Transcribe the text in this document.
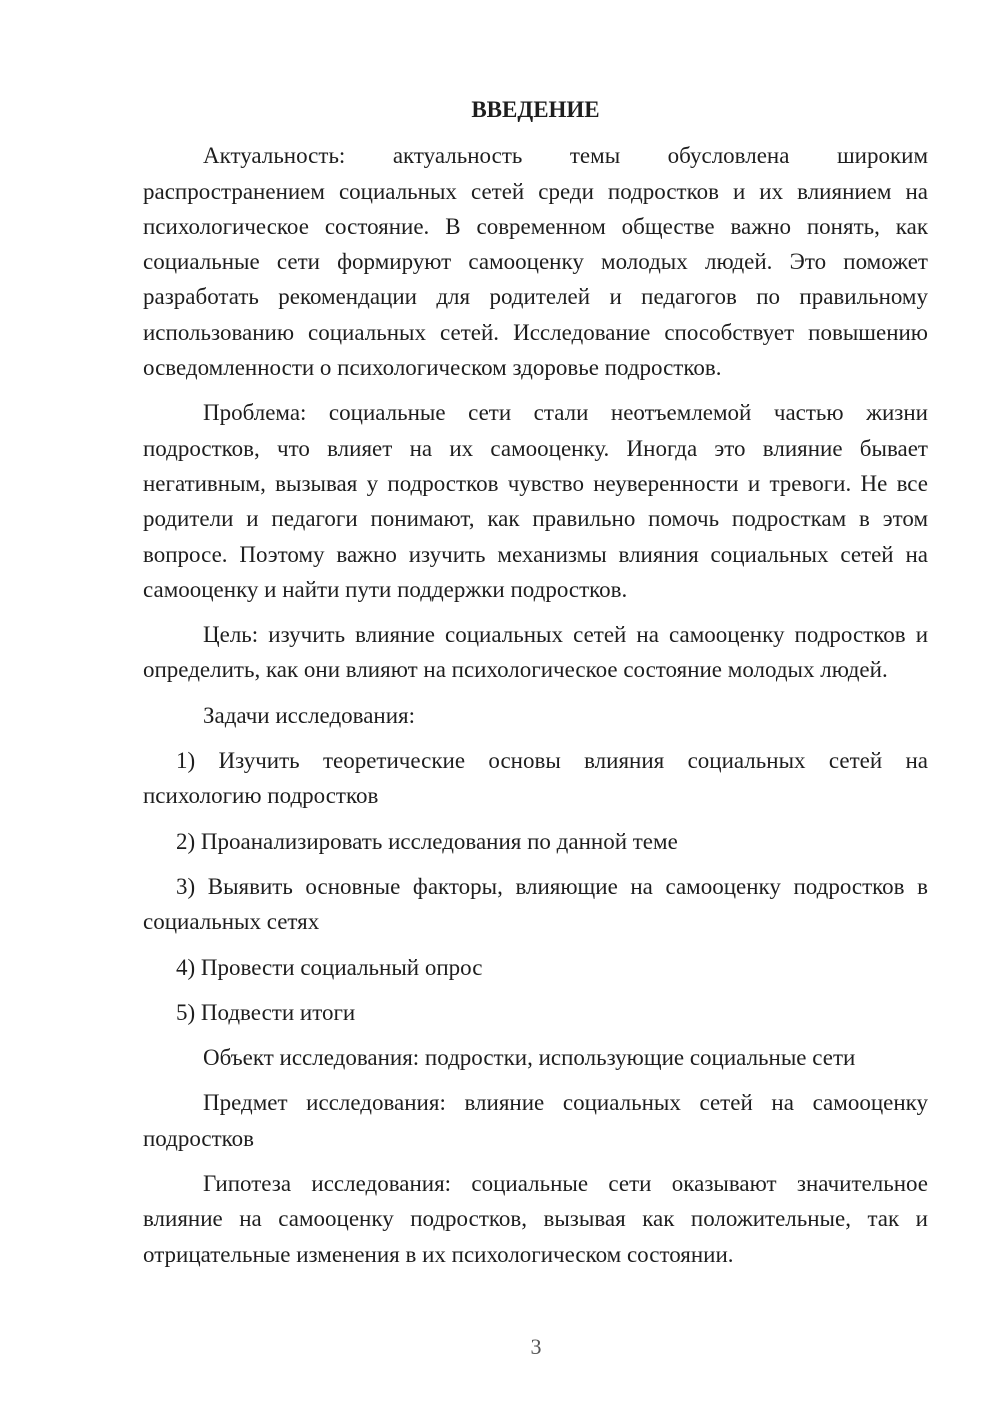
ВВЕДЕНИЕ
Актуальность: актуальность темы обусловлена широким распространением социальных сетей среди подростков и их влиянием на психологическое состояние. В современном обществе важно понять, как социальные сети формируют самооценку молодых людей. Это поможет разработать рекомендации для родителей и педагогов по правильному использованию социальных сетей. Исследование способствует повышению осведомленности о психологическом здоровье подростков.
Проблема: социальные сети стали неотъемлемой частью жизни подростков, что влияет на их самооценку. Иногда это влияние бывает негативным, вызывая у подростков чувство неуверенности и тревоги. Не все родители и педагоги понимают, как правильно помочь подросткам в этом вопросе. Поэтому важно изучить механизмы влияния социальных сетей на самооценку и найти пути поддержки подростков.
Цель: изучить влияние социальных сетей на самооценку подростков и определить, как они влияют на психологическое состояние молодых людей.
Задачи исследования:
1) Изучить теоретические основы влияния социальных сетей на психологию подростков
2) Проанализировать исследования по данной теме
3) Выявить основные факторы, влияющие на самооценку подростков в социальных сетях
4) Провести социальный опрос
5) Подвести итоги
Объект исследования: подростки, использующие социальные сети
Предмет исследования: влияние социальных сетей на самооценку подростков
Гипотеза исследования: социальные сети оказывают значительное влияние на самооценку подростков, вызывая как положительные, так и отрицательные изменения в их психологическом состоянии.
3
